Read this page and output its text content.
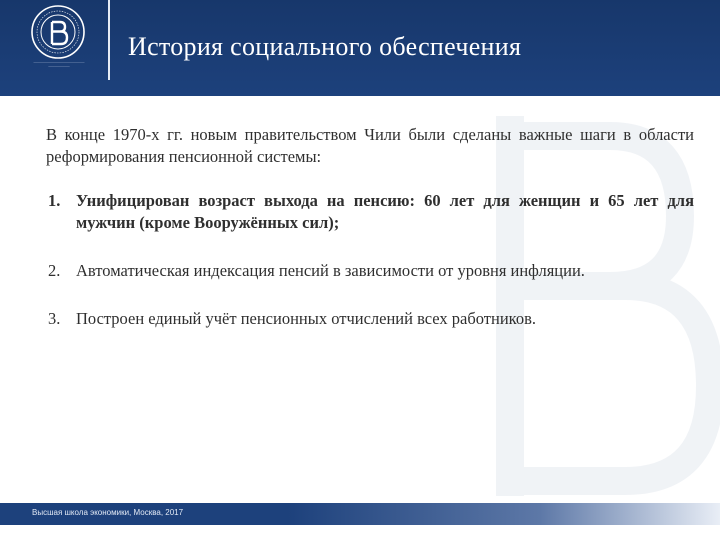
────────────────────────
──────────
История социального обеспечения

В конце 1970-х гг. новым правительством Чили были сделаны важные шаги в области реформирования пенсионной системы:

1. Унифицирован возраст выхода на пенсию: 60 лет для женщин и 65 лет для мужчин (кроме Вооружённых сил);
2. Автоматическая индексация пенсий в зависимости от уровня инфляции.
3. Построен единый учёт пенсионных отчислений всех работников.
Высшая школа экономики, Москва, 2017
